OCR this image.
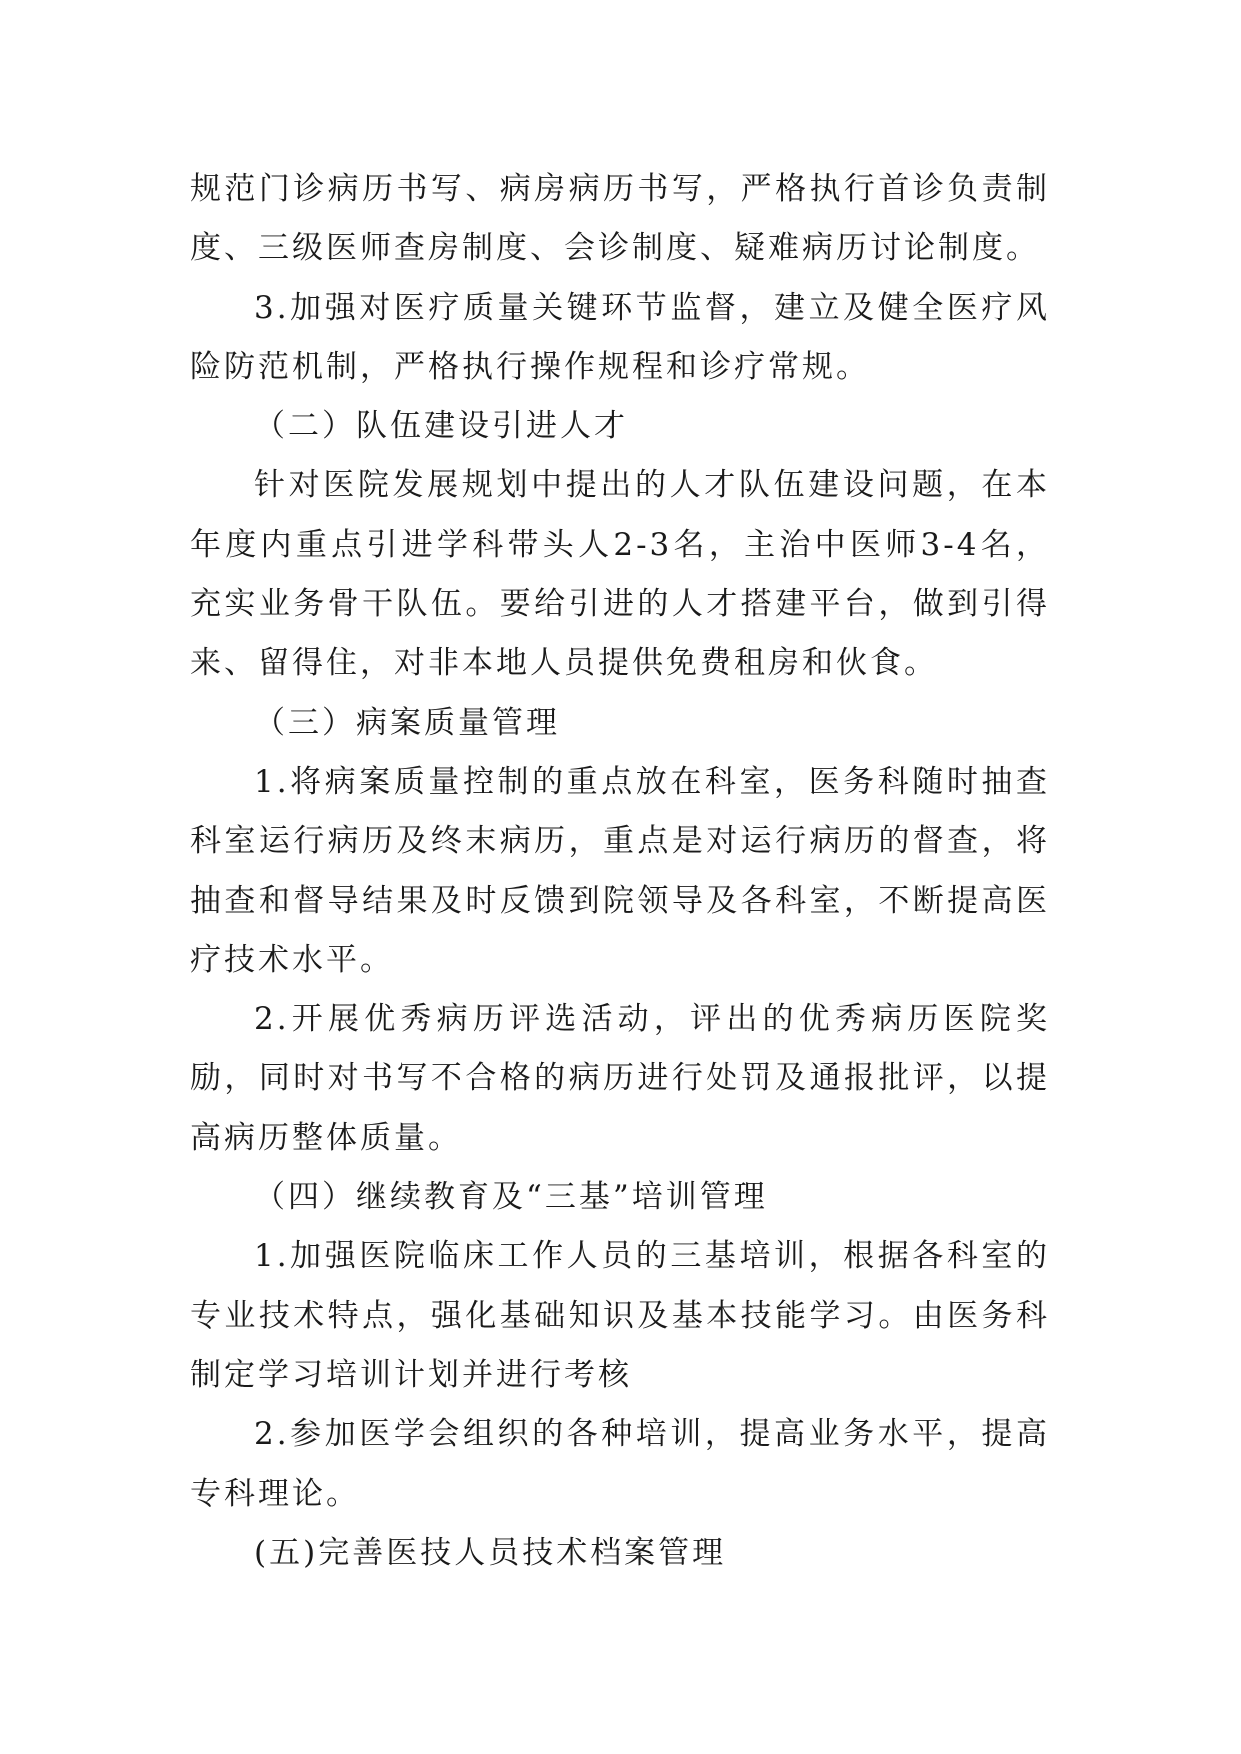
规范门诊病历书写、病房病历书写，严格执行首诊负责制度、三级医师查房制度、会诊制度、疑难病历讨论制度。

3.加强对医疗质量关键环节监督，建立及健全医疗风险防范机制，严格执行操作规程和诊疗常规。

（二）队伍建设引进人才

针对医院发展规划中提出的人才队伍建设问题，在本年度内重点引进学科带头人2-3名，主治中医师3-4名，充实业务骨干队伍。要给引进的人才搭建平台，做到引得来、留得住，对非本地人员提供免费租房和伙食。

（三）病案质量管理

1.将病案质量控制的重点放在科室，医务科随时抽查科室运行病历及终末病历，重点是对运行病历的督查，将抽查和督导结果及时反馈到院领导及各科室，不断提高医疗技术水平。

2.开展优秀病历评选活动，评出的优秀病历医院奖励，同时对书写不合格的病历进行处罚及通报批评，以提高病历整体质量。

（四）继续教育及“三基”培训管理

1.加强医院临床工作人员的三基培训，根据各科室的专业技术特点，强化基础知识及基本技能学习。由医务科制定学习培训计划并进行考核

2.参加医学会组织的各种培训，提高业务水平，提高专科理论。

(五)完善医技人员技术档案管理
